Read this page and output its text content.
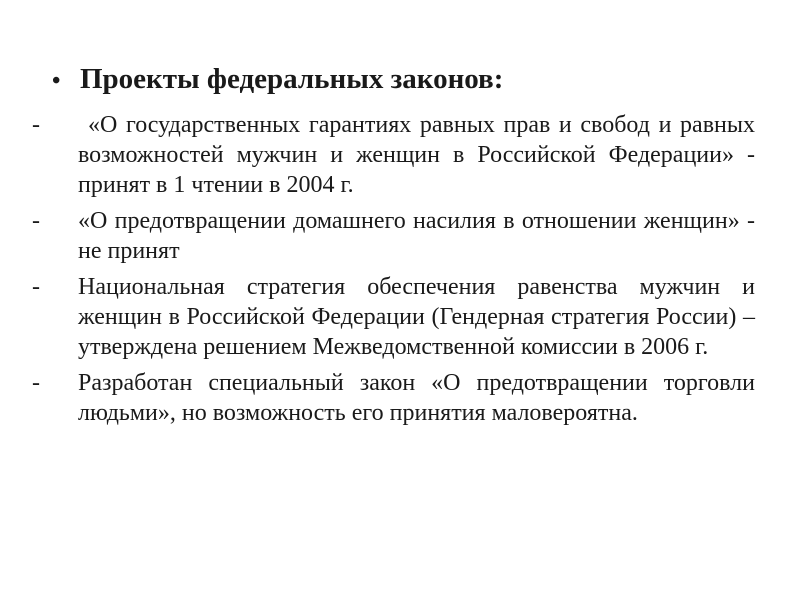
• Проекты федеральных законов:
-	«О государственных гарантиях равных прав и свобод и равных возможностей мужчин и женщин в Российской Федерации» - принят в 1 чтении в 2004 г.
-	«О предотвращении домашнего насилия в отношении женщин» - не принят
-	Национальная стратегия обеспечения равенства мужчин и женщин в Российской Федерации (Гендерная стратегия России) – утверждена решением Межведомственной комиссии в 2006 г.
-	Разработан специальный закон «О предотвращении торговли людьми», но возможность его принятия маловероятна.
